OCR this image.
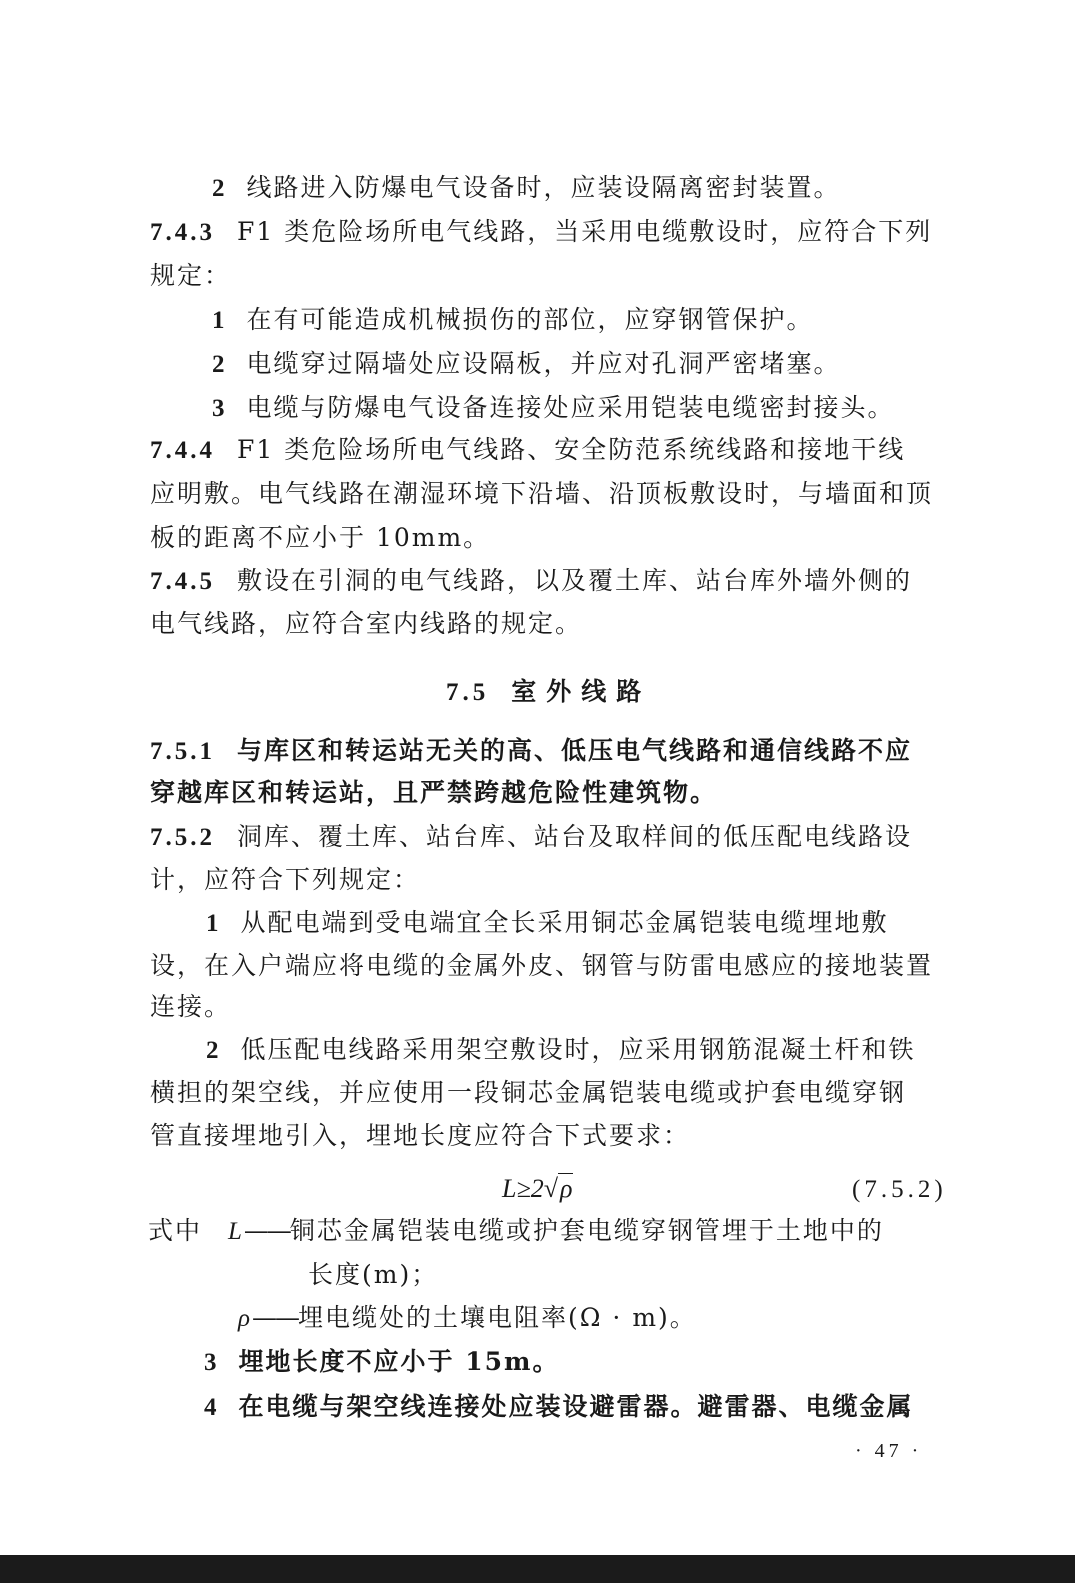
2 线路进入防爆电气设备时，应装设隔离密封装置。
7.4.3 F1 类危险场所电气线路，当采用电缆敷设时，应符合下列
规定：
1 在有可能造成机械损伤的部位，应穿钢管保护。
2 电缆穿过隔墙处应设隔板，并应对孔洞严密堵塞。
3 电缆与防爆电气设备连接处应采用铠装电缆密封接头。
7.4.4 F1 类危险场所电气线路、安全防范系统线路和接地干线
应明敷。电气线路在潮湿环境下沿墙、沿顶板敷设时，与墙面和顶
板的距离不应小于 10mm。
7.4.5 敷设在引洞的电气线路，以及覆土库、站台库外墙外侧的
电气线路，应符合室内线路的规定。
7.5 室外线路
7.5.1 与库区和转运站无关的高、低压电气线路和通信线路不应
穿越库区和转运站，且严禁跨越危险性建筑物。
7.5.2 洞库、覆土库、站台库、站台及取样间的低压配电线路设
计，应符合下列规定：
1 从配电端到受电端宜全长采用铜芯金属铠装电缆埋地敷
设，在入户端应将电缆的金属外皮、钢管与防雷电感应的接地装置
连接。
2 低压配电线路采用架空敷设时，应采用钢筋混凝土杆和铁
横担的架空线，并应使用一段铜芯金属铠装电缆或护套电缆穿钢
管直接埋地引入，埋地长度应符合下式要求：
L≥2√ρ	(7.5.2)
式中 L——铜芯金属铠装电缆或护套电缆穿钢管埋于土地中的
长度(m)；
ρ——埋电缆处的土壤电阻率(Ω · m)。
3 埋地长度不应小于 15m。
4 在电缆与架空线连接处应装设避雷器。避雷器、电缆金属
· 47 ·
